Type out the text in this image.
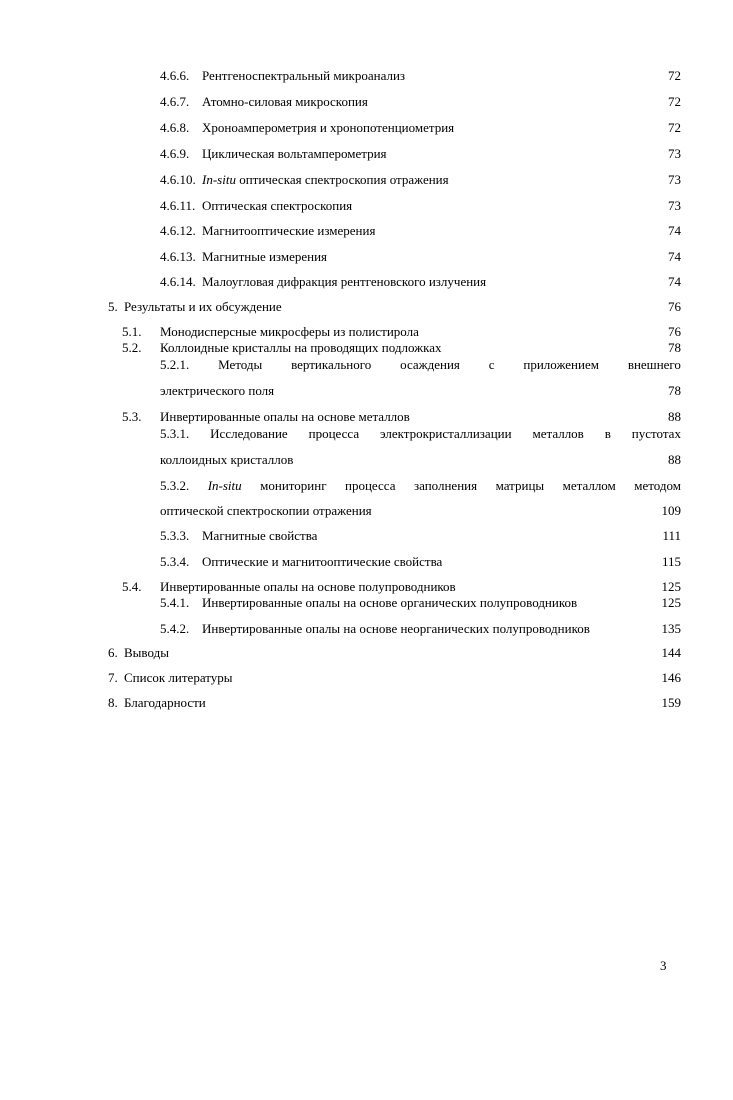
4.6.6. Рентгеноспектральный микроанализ	72
4.6.7. Атомно-силовая микроскопия	72
4.6.8. Хроноамперометрия и хронопотенциометрия	72
4.6.9. Циклическая вольтамперометрия	73
4.6.10. In-situ оптическая спектроскопия отражения	73
4.6.11. Оптическая спектроскопия	73
4.6.12. Магнитооптические измерения	74
4.6.13. Магнитные измерения	74
4.6.14. Малоугловая дифракция рентгеновского излучения	74
5. Результаты и их обсуждение	76
5.1.	Монодисперсные микросферы из полистирола	76
5.2.	Коллоидные кристаллы на проводящих подложках	78
5.2.1. Методы вертикального осаждения с приложением внешнего
электрического поля	78
5.3.	Инвертированные опалы на основе металлов	88
5.3.1. Исследование процесса электрокристаллизации металлов в пустотах
коллоидных кристаллов	88
5.3.2. In-situ мониторинг процесса заполнения матрицы металлом методом
оптической спектроскопии отражения	109
5.3.3. Магнитные свойства	111
5.3.4. Оптические и магнитооптические свойства	115
5.4.	Инвертированные опалы на основе полупроводников	125
5.4.1. Инвертированные опалы на основе органических полупроводников	125
5.4.2. Инвертированные опалы на основе неорганических полупроводников	135
6. Выводы	144
7. Список литературы	146
8. Благодарности	159
3
